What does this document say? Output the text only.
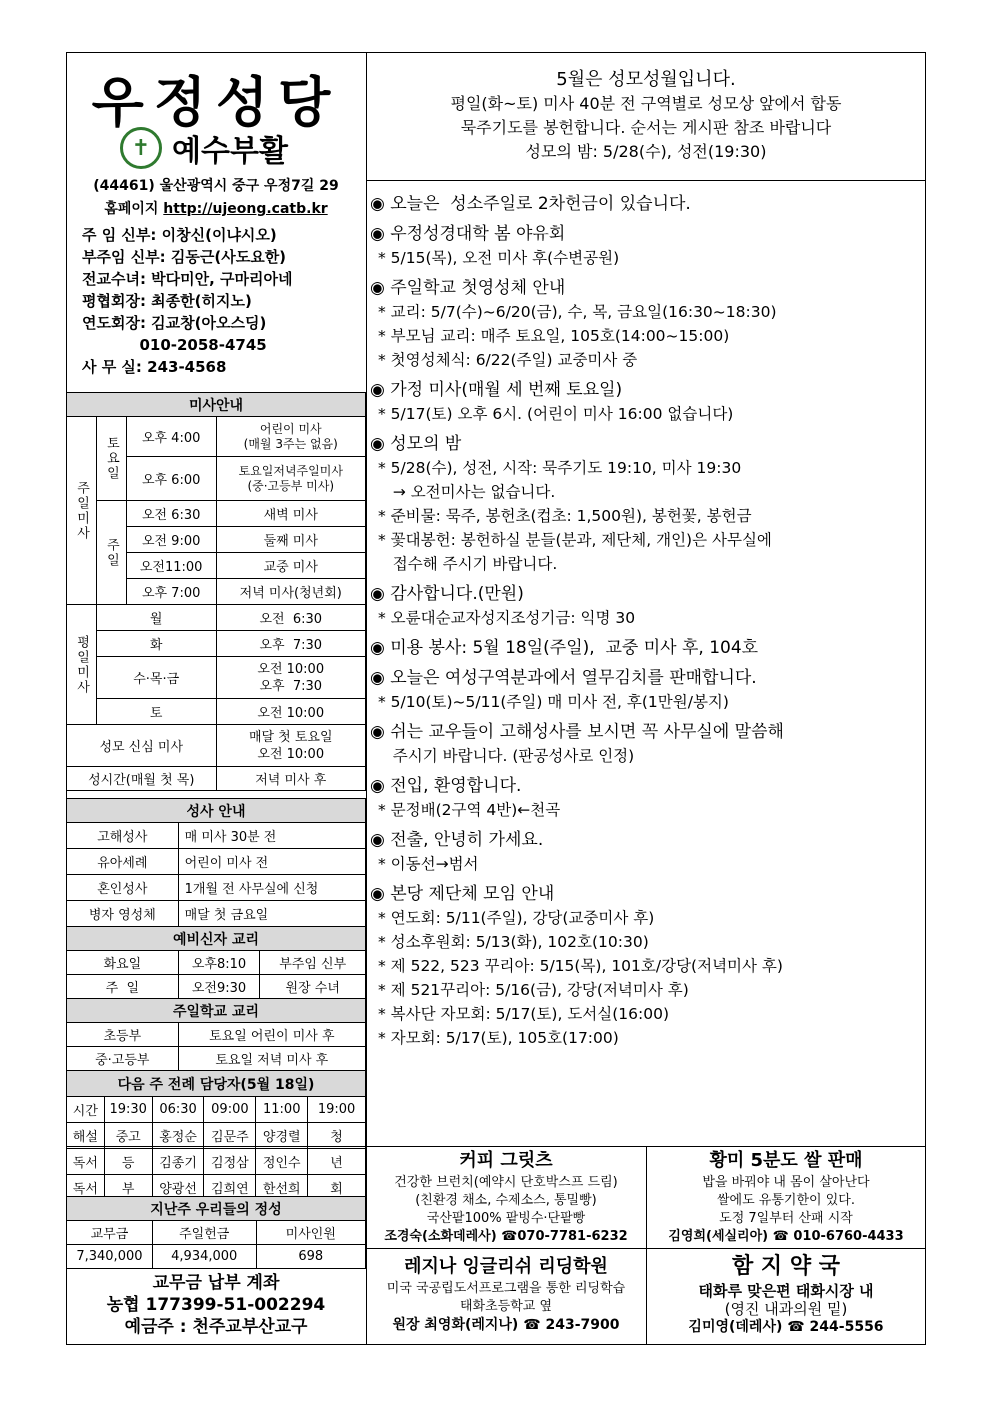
우정성당
✝ 예수부활
(44461) 울산광역시 중구 우정7길 29
홈페이지 http://ujeong.catb.kr
주 임 신부: 이창신(이냐시오)
부주임 신부: 김동근(사도요한)
전교수녀: 박다미안, 구마리아네
평협회장: 최종한(히지노)
연도회장: 김교창(아오스딩)
010-2058-4745
사 무 실: 243-4568
미사안내			
주일미사	토요일	오후 4:00	어린이 미사
(매월 3주는 없음)
		오후 6:00	토요일저녁주일미사
(중·고등부 미사)
	주일	오전 6:30	새벽 미사
		오전 9:00	둘째 미사
		오전11:00	교중 미사
		오후 7:00	저녁 미사(청년회)
평일미사	월		오전  6:30
	화		오후  7:30
	수·목·금		오전 10:00
오후  7:30
	토		오전 10:00
성모 신심 미사			매달 첫 토요일
오전 10:00
성시간(매월 첫 목)			저녁 미사 후
성사 안내	
고해성사	매 미사 30분 전
유아세례	어린이 미사 전
혼인성사	1개월 전 사무실에 신청
병자 영성체	매달 첫 금요일
예비신자 교리		
화요일	오후8:10	부주임 신부
주  일	오전9:30	원장 수녀
주일학교 교리	
초등부	토요일 어린이 미사 후
중·고등부	토요일 저녁 미사 후
다음 주 전례 담당자(5월 18일)					
시간	19:30	06:30	09:00	11:00	19:00
해설	중고	홍정순	김문주	양경렬	청
독서	등	김종기	김정삼	정인수	년
독서	부	양광선	김희연	한선희	회
지난주 우리들의 정성		
교무금	주일헌금	미사인원
7,340,000	4,934,000	698
교무금 납부 계좌
농협 177399-51-002294
예금주 : 천주교부산교구
5월은 성모성월입니다.
평일(화~토) 미사 40분 전 구역별로 성모상 앞에서 합동
묵주기도를 봉헌합니다. 순서는 게시판 참조 바랍니다
성모의 밤: 5/28(수), 성전(19:30)
◉ 오늘은  성소주일로 2차헌금이 있습니다.
◉ 우정성경대학 봄 야유회
* 5/15(목), 오전 미사 후(수변공원)
◉ 주일학교 첫영성체 안내
* 교리: 5/7(수)~6/20(금), 수, 목, 금요일(16:30~18:30)
* 부모님 교리: 매주 토요일, 105호(14:00~15:00)
* 첫영성체식: 6/22(주일) 교중미사 중
◉ 가정 미사(매월 세 번째 토요일)
* 5/17(토) 오후 6시. (어린이 미사 16:00 없습니다)
◉ 성모의 밤
* 5/28(수), 성전, 시작: 묵주기도 19:10, 미사 19:30
→ 오전미사는 없습니다.
* 준비물: 묵주, 봉헌초(컵초: 1,500원), 봉헌꽃, 봉헌금
* 꽃대봉헌: 봉헌하실 분들(분과, 제단체, 개인)은 사무실에
접수해 주시기 바랍니다.
◉ 감사합니다.(만원)
* 오륜대순교자성지조성기금: 익명 30
◉ 미용 봉사: 5월 18일(주일),  교중 미사 후, 104호
◉ 오늘은 여성구역분과에서 열무김치를 판매합니다.
* 5/10(토)~5/11(주일) 매 미사 전, 후(1만원/봉지)
◉ 쉬는 교우들이 고해성사를 보시면 꼭 사무실에 말씀해
주시기 바랍니다. (판공성사로 인정)
◉ 전입, 환영합니다.
* 문정배(2구역 4반)←천곡
◉ 전출, 안녕히 가세요.
* 이동선→범서
◉ 본당 제단체 모임 안내
* 연도회: 5/11(주일), 강당(교중미사 후)
* 성소후원회: 5/13(화), 102호(10:30)
* 제 522, 523 꾸리아: 5/15(목), 101호/강당(저녁미사 후)
* 제 521꾸리아: 5/16(금), 강당(저녁미사 후)
* 복사단 자모회: 5/17(토), 도서실(16:00)
* 자모회: 5/17(토), 105호(17:00)
커피 그릿츠
건강한 브런치(예약시 단호박스프 드림)
(친환경 채소, 수제소스, 통밀빵)
국산팥100% 팥빙수·단팥빵
조경숙(소화데레사) ☎070-7781-6232
황미 5분도 쌀 판매
밥을 바꿔야 내 몸이 살아난다
쌀에도 유통기한이 있다.
도정 7일부터 산패 시작
김영희(세실리아) ☎ 010-6760-4433
레지나 잉글리쉬 리딩학원
미국 국공립도서프로그램을 통한 리딩학습
태화초등학교 옆
원장 최영화(레지나) ☎ 243-7900
함 지 약 국
태화루 맞은편 태화시장 내
(영진 내과의원 밑)
김미영(데레사) ☎ 244-5556
